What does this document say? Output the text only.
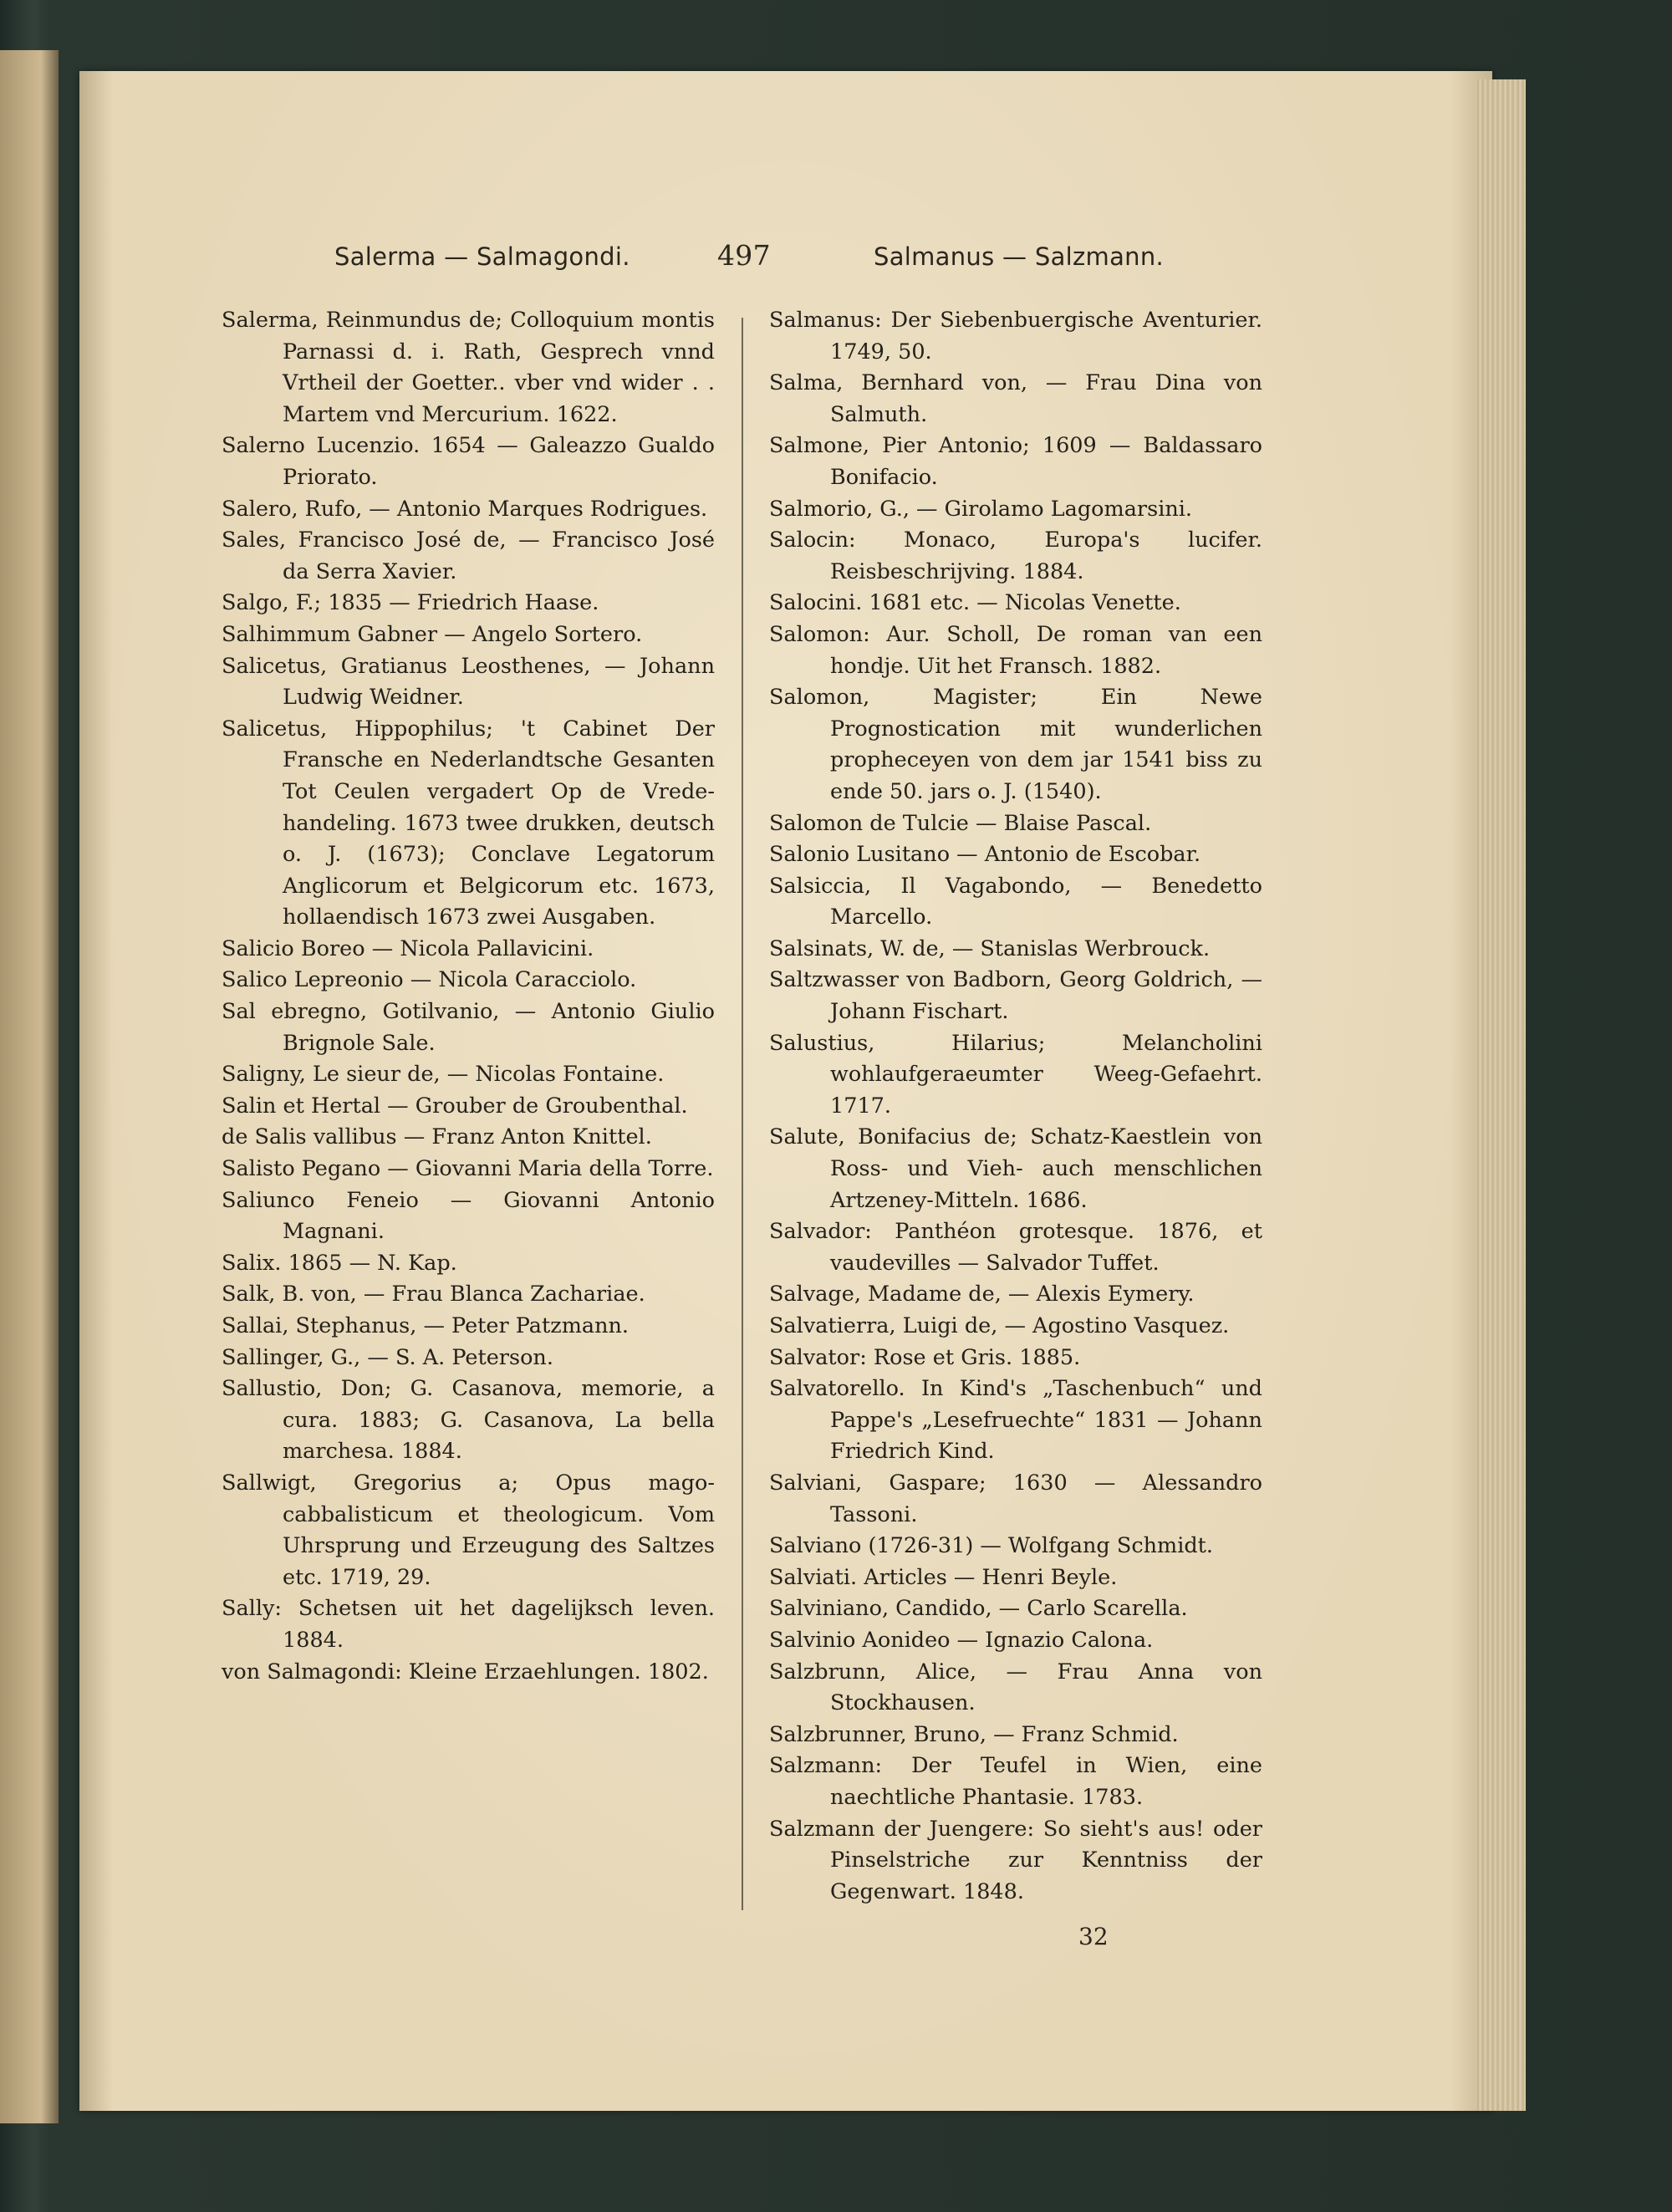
Salerma — Salmagondi.	497	Salmanus — Salzmann.
Salerma, Reinmundus de; Colloquium montis Parnassi d. i. Rath, Gesprech vnnd Vrtheil der Goetter.. vber vnd wider . . Martem vnd Mercurium. 1622.
Salerno Lucenzio. 1654 — Galeazzo Gualdo Priorato.
Salero, Rufo, — Antonio Marques Rodrigues.
Sales, Francisco José de, — Francisco José da Serra Xavier.
Salgo, F.; 1835 — Friedrich Haase.
Salhimmum Gabner — Angelo Sortero.
Salicetus, Gratianus Leosthenes, — Johann Ludwig Weidner.
Salicetus, Hippophilus; 't Cabinet Der Fransche en Nederlandtsche Gesanten Tot Ceulen vergadert Op de Vrede-handeling. 1673 twee drukken, deutsch o. J. (1673); Conclave Legatorum Anglicorum et Belgicorum etc. 1673, hollaendisch 1673 zwei Ausgaben.
Salicio Boreo — Nicola Pallavicini.
Salico Lepreonio — Nicola Caracciolo.
Sal ebregno, Gotilvanio, — Antonio Giulio Brignole Sale.
Saligny, Le sieur de, — Nicolas Fontaine.
Salin et Hertal — Grouber de Groubenthal.
de Salis vallibus — Franz Anton Knittel.
Salisto Pegano — Giovanni Maria della Torre.
Saliunco Feneio — Giovanni Antonio Magnani.
Salix. 1865 — N. Kap.
Salk, B. von, — Frau Blanca Zachariae.
Sallai, Stephanus, — Peter Patzmann.
Sallinger, G., — S. A. Peterson.
Sallustio, Don; G. Casanova, memorie, a cura. 1883; G. Casanova, La bella marchesa. 1884.
Sallwigt, Gregorius a; Opus mago-cabbalisticum et theologicum. Vom Uhrsprung und Erzeugung des Saltzes etc. 1719, 29.
Sally: Schetsen uit het dagelijksch leven. 1884.
von Salmagondi: Kleine Erzaehlungen. 1802.
Salmanus: Der Siebenbuergische Aventurier. 1749, 50.
Salma, Bernhard von, — Frau Dina von Salmuth.
Salmone, Pier Antonio; 1609 — Baldassaro Bonifacio.
Salmorio, G., — Girolamo Lagomarsini.
Salocin: Monaco, Europa's lucifer. Reisbeschrijving. 1884.
Salocini. 1681 etc. — Nicolas Venette.
Salomon: Aur. Scholl, De roman van een hondje. Uit het Fransch. 1882.
Salomon, Magister; Ein Newe Prognostication mit wunderlichen propheceyen von dem jar 1541 biss zu ende 50. jars o. J. (1540).
Salomon de Tulcie — Blaise Pascal.
Salonio Lusitano — Antonio de Escobar.
Salsiccia, Il Vagabondo, — Benedetto Marcello.
Salsinats, W. de, — Stanislas Werbrouck.
Saltzwasser von Badborn, Georg Goldrich, — Johann Fischart.
Salustius, Hilarius; Melancholini wohlaufgeraeumter Weeg-Gefaehrt. 1717.
Salute, Bonifacius de; Schatz-Kaestlein von Ross- und Vieh- auch menschlichen Artzeney-Mitteln. 1686.
Salvador: Panthéon grotesque. 1876, et vaudevilles — Salvador Tuffet.
Salvage, Madame de, — Alexis Eymery.
Salvatierra, Luigi de, — Agostino Vasquez.
Salvator: Rose et Gris. 1885.
Salvatorello. In Kind's „Taschenbuch“ und Pappe's „Lesefruechte“ 1831 — Johann Friedrich Kind.
Salviani, Gaspare; 1630 — Alessandro Tassoni.
Salviano (1726-31) — Wolfgang Schmidt.
Salviati. Articles — Henri Beyle.
Salviniano, Candido, — Carlo Scarella.
Salvinio Aonideo — Ignazio Calona.
Salzbrunn, Alice, — Frau Anna von Stockhausen.
Salzbrunner, Bruno, — Franz Schmid.
Salzmann: Der Teufel in Wien, eine naechtliche Phantasie. 1783.
Salzmann der Juengere: So sieht's aus! oder Pinselstriche zur Kenntniss der Gegenwart. 1848.
32
